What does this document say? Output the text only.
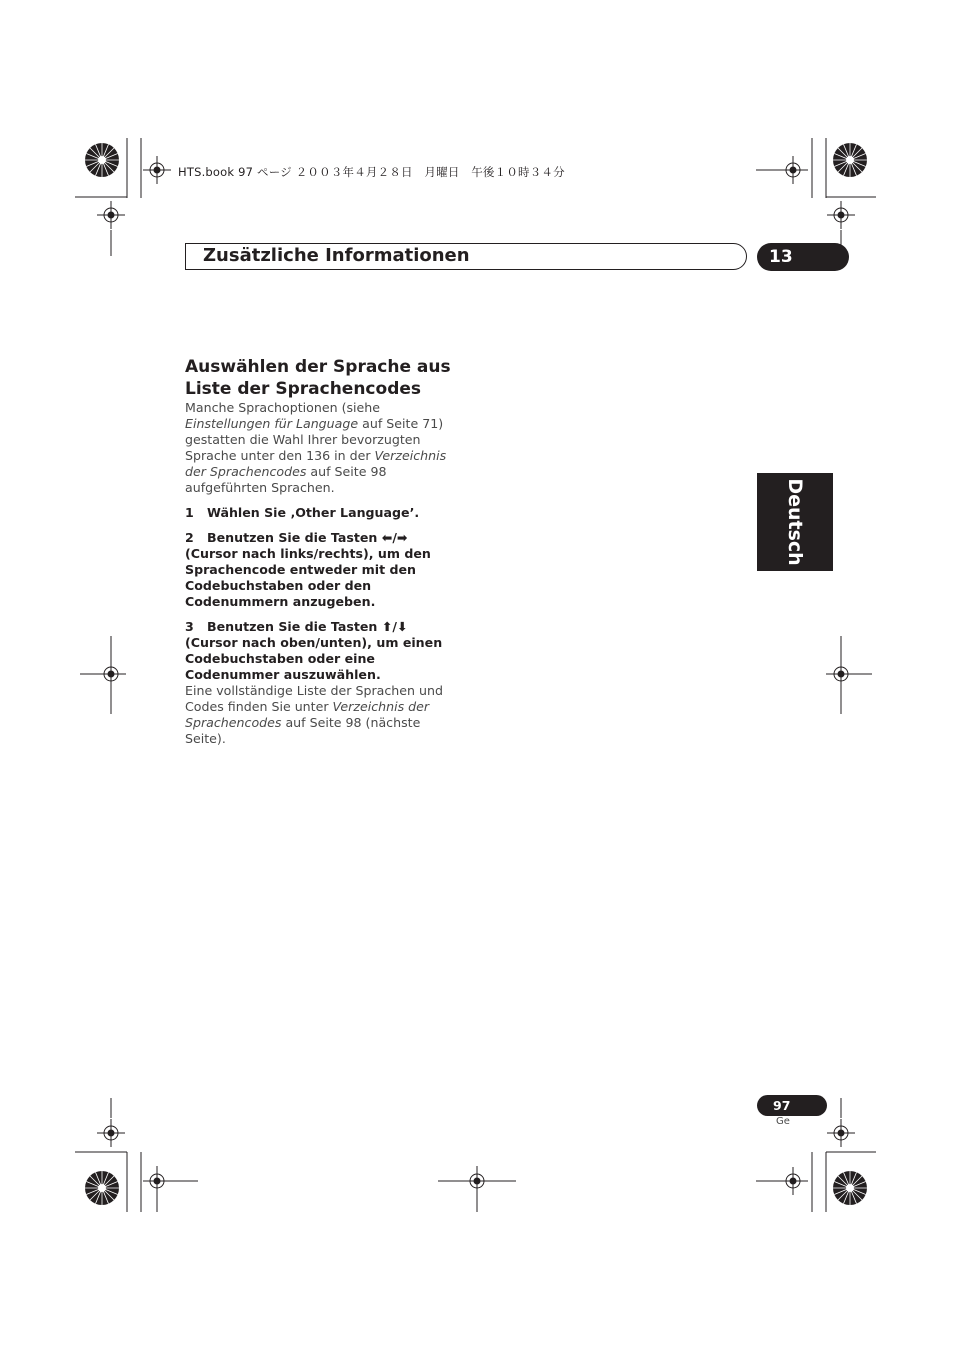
HTS.book 97 ページ ２００３年４月２８日　月曜日　午後１０時３４分
Zusätzliche Informationen	13
Deutsch
Auswählen der Sprache aus
Liste der Sprachencodes

Manche Sprachoptionen (siehe Einstellungen für Language auf Seite 71) gestatten die Wahl Ihrer bevorzugten Sprache unter den 136 in der Verzeichnis der Sprachencodes auf Seite 98 aufgeführten Sprachen.

1 Wählen Sie ‚Other Language’.

2 Benutzen Sie die Tasten ⬅/➡ (Cursor nach links/rechts), um den Sprachencode entweder mit den Codebuchstaben oder den Codenummern anzugeben.

3 Benutzen Sie die Tasten ⬆/⬇ (Cursor nach oben/unten), um einen Codebuchstaben oder eine Codenummer auszuwählen.

Eine vollständige Liste der Sprachen und Codes finden Sie unter Verzeichnis der Sprachencodes auf Seite 98 (nächste Seite).

97
Ge
